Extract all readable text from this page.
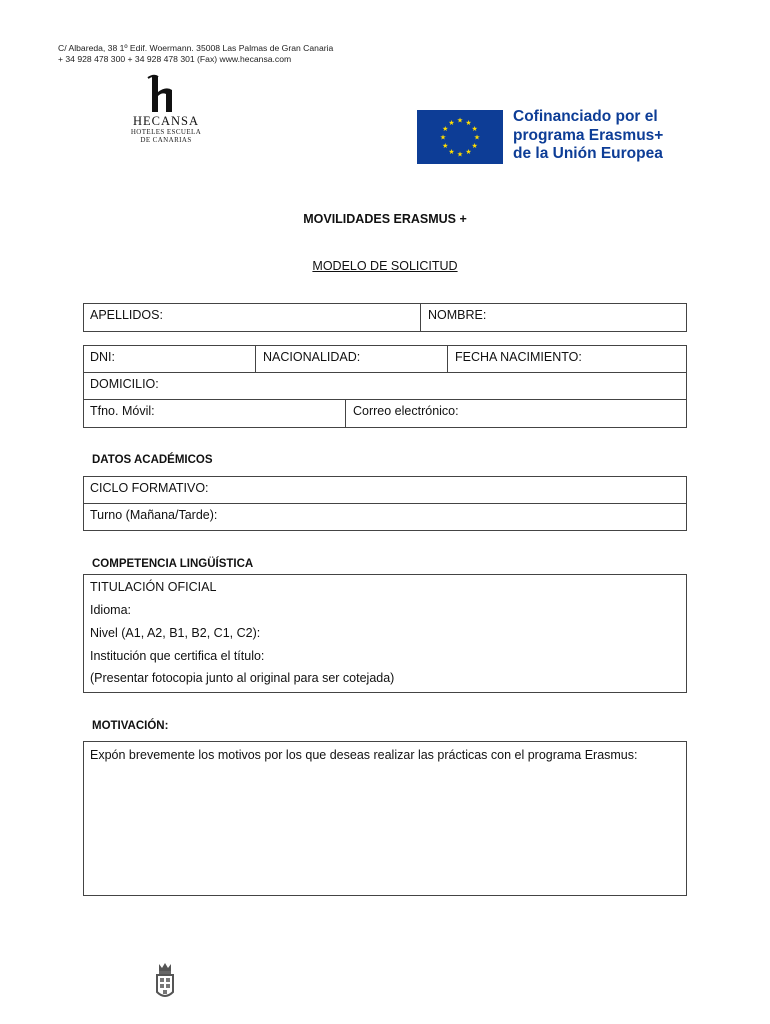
C/ Albareda, 38 1º Edif. Woermann. 35008 Las Palmas de Gran Canaria
+ 34 928 478 300 + 34 928 478 301 (Fax) www.hecansa.com
HECANSA
HOTELES ESCUELA
DE CANARIAS
★ ★
★
★
★
★
★
★
★
★
★
★	Cofinanciado por el
programa Erasmus+
de la Unión Europea
MOVILIDADES ERASMUS +
MODELO DE SOLICITUD
APELLIDOS:	NOMBRE:
DNI:	NACIONALIDAD:	FECHA NACIMIENTO:
DOMICILIO:
Tfno. Móvil:	Correo electrónico:
DATOS ACADÉMICOS
CICLO FORMATIVO:
Turno (Mañana/Tarde):
COMPETENCIA LINGÜÍSTICA
TITULACIÓN OFICIAL
Idioma:
Nivel (A1, A2, B1, B2, C1, C2):
Institución que certifica el título:
(Presentar fotocopia junto al original para ser cotejada)
MOTIVACIÓN:
Expón brevemente los motivos por los que deseas realizar las prácticas con el programa Erasmus:
